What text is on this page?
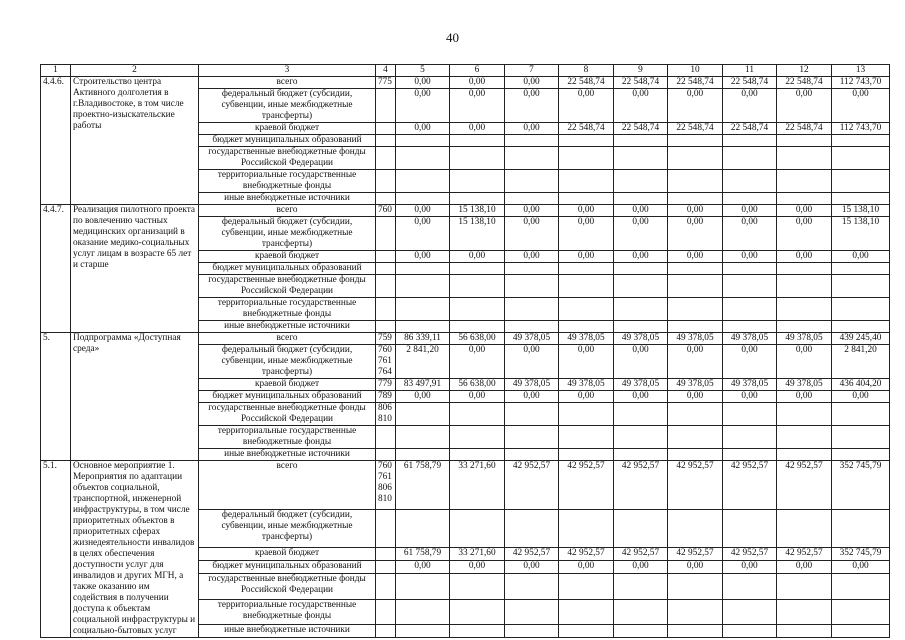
40
1	2	3	4	5	6	7	8	9	10	11	12	13
4.4.6.	Строительство центра Активного долголетия в г.Владивостоке, в том числе проектно-изыскательские работы	всего	775	0,00	0,00	0,00	22 548,74	22 548,74	22 548,74	22 548,74	22 548,74	112 743,70
		федеральный бюджет (субсидии, субвенции, иные межбюджетные трансферты)		0,00	0,00	0,00	0,00	0,00	0,00	0,00	0,00	0,00
		краевой бюджет		0,00	0,00	0,00	22 548,74	22 548,74	22 548,74	22 548,74	22 548,74	112 743,70
		бюджет муниципальных образований										
		государственные внебюджетные фонды Российской Федерации										
		территориальные государственные внебюджетные фонды										
		иные внебюджетные источники										
4.4.7.	Реализация пилотного проекта по вовлечению частных медицинских организаций в оказание медико-социальных услуг лицам в возрасте 65 лет и старше	всего	760	0,00	15 138,10	0,00	0,00	0,00	0,00	0,00	0,00	15 138,10
		федеральный бюджет (субсидии, субвенции, иные межбюджетные трансферты)		0,00	15 138,10	0,00	0,00	0,00	0,00	0,00	0,00	15 138,10
		краевой бюджет		0,00	0,00	0,00	0,00	0,00	0,00	0,00	0,00	0,00
		бюджет муниципальных образований										
		государственные внебюджетные фонды Российской Федерации										
		территориальные государственные внебюджетные фонды										
		иные внебюджетные источники										
5.	Подпрограмма «Доступная среда»	всего	759	86 339,11	56 638,00	49 378,05	49 378,05	49 378,05	49 378,05	49 378,05	49 378,05	439 245,40
		федеральный бюджет (субсидии, субвенции, иные межбюджетные трансферты)	760 761 764	2 841,20	0,00	0,00	0,00	0,00	0,00	0,00	0,00	2 841,20
		краевой бюджет	779	83 497,91	56 638,00	49 378,05	49 378,05	49 378,05	49 378,05	49 378,05	49 378,05	436 404,20
		бюджет муниципальных образований	789	0,00	0,00	0,00	0,00	0,00	0,00	0,00	0,00	0,00
		государственные внебюджетные фонды Российской Федерации	806 810									
		территориальные государственные внебюджетные фонды										
		иные внебюджетные источники										
5.1.	Основное мероприятие 1. Мероприятия по адаптации объектов социальной, транспортной, инженерной инфраструктуры, в том числе приоритетных объектов в приоритетных сферах жизнедеятельности инвалидов в целях обеспечения доступности услуг для инвалидов и других МГН, а также оказанию им содействия в получении доступа к объектам социальной инфраструктуры и социально-бытовых услуг	всего	760 761 806 810	61 758,79	33 271,60	42 952,57	42 952,57	42 952,57	42 952,57	42 952,57	42 952,57	352 745,79
		федеральный бюджет (субсидии, субвенции, иные межбюджетные трансферты)										
		краевой бюджет		61 758,79	33 271,60	42 952,57	42 952,57	42 952,57	42 952,57	42 952,57	42 952,57	352 745,79
		бюджет муниципальных образований		0,00	0,00	0,00	0,00	0,00	0,00	0,00	0,00	0,00
		государственные внебюджетные фонды Российской Федерации										
		территориальные государственные внебюджетные фонды										
		иные внебюджетные источники										
